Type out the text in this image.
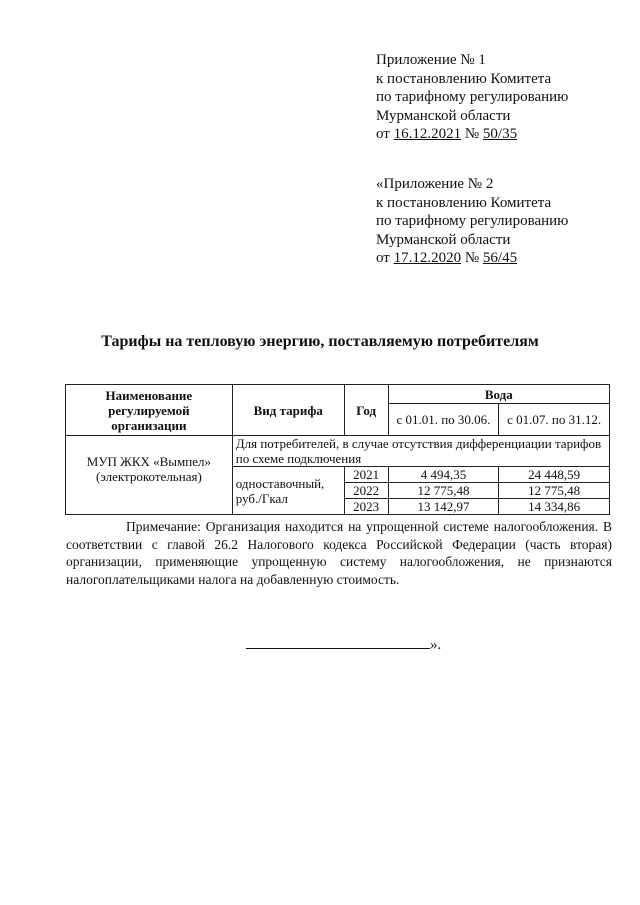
Приложение № 1
к постановлению Комитета
по тарифному регулированию
Мурманской области
от 16.12.2021 № 50/35
«Приложение № 2
к постановлению Комитета
по тарифному регулированию
Мурманской области
от 17.12.2020 № 56/45
Тарифы на тепловую энергию, поставляемую потребителям
Наименование регулируемой организации	Вид тарифа	Год	Вода	
			с 01.01. по 30.06.	с 01.07. по 31.12.
МУП ЖКХ «Вымпел» (электрокотельная)	Для потребителей, в случае отсутствия дифференциации тарифов по схеме подключения			
	одноставочный, руб./Гкал	2021	4 494,35	24 448,59
		2022	12 775,48	12 775,48
		2023	13 142,97	14 334,86
Примечание: Организация находится на упрощенной системе налогообложения. В соответствии с главой 26.2 Налогового кодекса Российской Федерации (часть вторая) организации, применяющие упрощенную систему налогообложения, не признаются налогоплательщиками налога на добавленную стоимость.
».
